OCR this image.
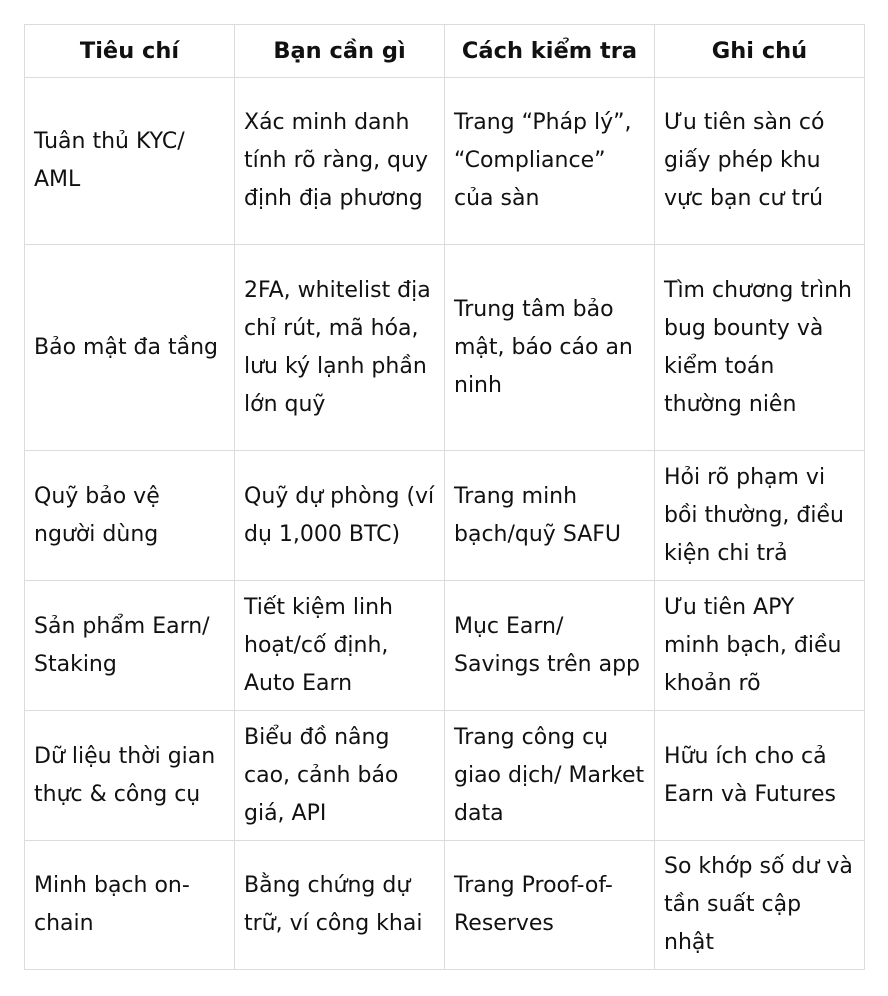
Tiêu chí	Bạn cần gì	Cách kiểm tra	Ghi chú
Tuân thủ KYC/ AML	Xác minh danh tính rõ ràng, quy định địa phương	Trang “Pháp lý”, “Compliance” của sàn	Ưu tiên sàn có giấy phép khu vực bạn cư trú
Bảo mật đa tầng	2FA, whitelist địa chỉ rút, mã hóa, lưu ký lạnh phần lớn quỹ	Trung tâm bảo mật, báo cáo an ninh	Tìm chương trình bug bounty và kiểm toán thường niên
Quỹ bảo vệ người dùng	Quỹ dự phòng (ví dụ 1,000 BTC)	Trang minh bạch/quỹ SAFU	Hỏi rõ phạm vi bồi thường, điều kiện chi trả
Sản phẩm Earn/ Staking	Tiết kiệm linh hoạt/cố định, Auto Earn	Mục Earn/ Savings trên app	Ưu tiên APY minh bạch, điều khoản rõ
Dữ liệu thời gian thực & công cụ	Biểu đồ nâng cao, cảnh báo giá, API	Trang công cụ giao dịch/ Market data	Hữu ích cho cả Earn và Futures
Minh bạch on-chain	Bằng chứng dự trữ, ví công khai	Trang Proof-of-Reserves	So khớp số dư và tần suất cập nhật
